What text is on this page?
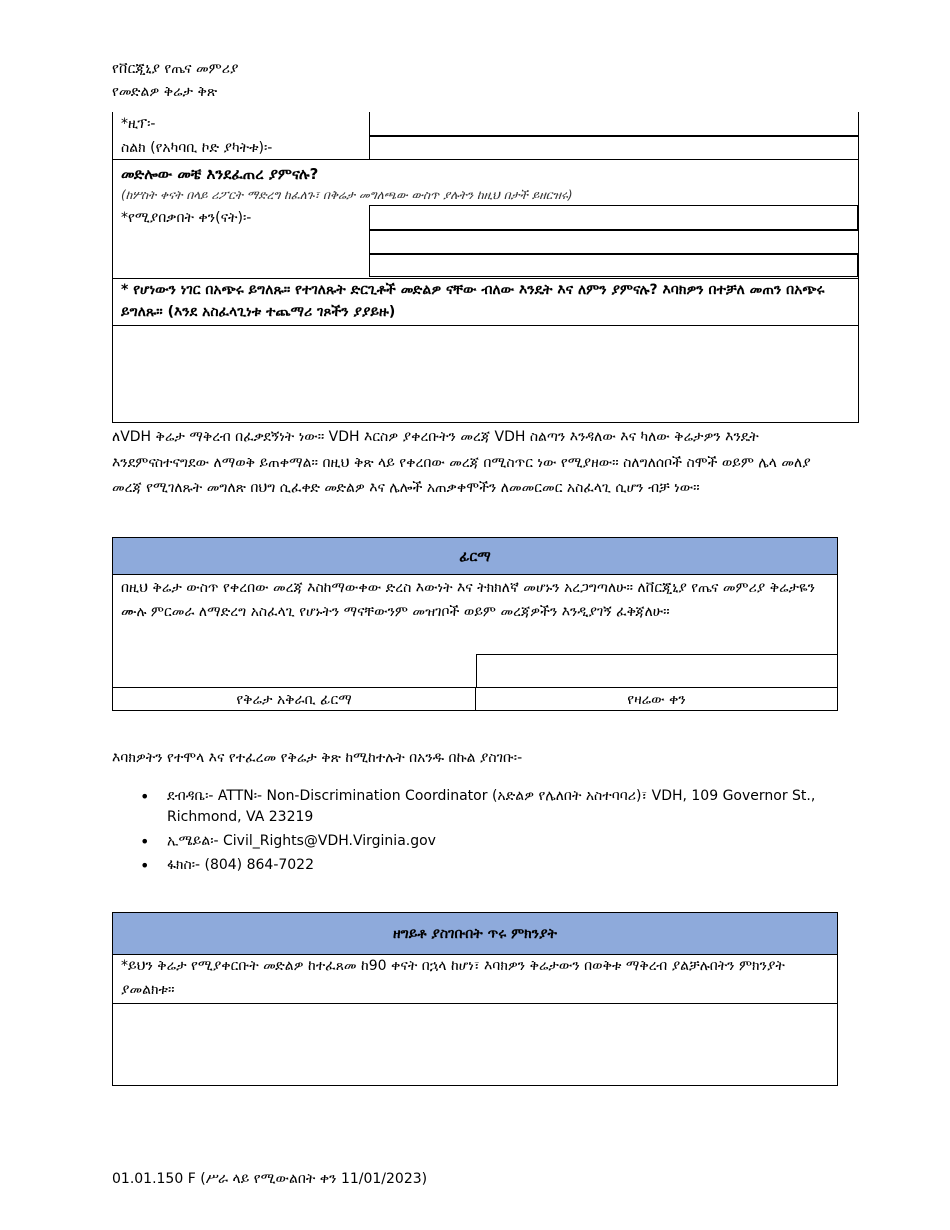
የቨርጂኒያ የጤና መምሪያ
የመድልዎ ቅሬታ ቅጽ
*ዚፕ፡-
ስልክ (የአካባቢ ኮድ ያካትቱ)፡-
መድሎው መቼ እንደፈጠረ ያምናሉ?
(ከሦስት ቀናት በላይ ሪፖርት ማድረግ ከፈለጉ፣ በቅሬታ መግለጫው ውስጥ ያሉትን ከዚህ በታች ይዘርዝሩ)
*የሚያበቃበት ቀን(ናት)፡-
* የሆነውን ነገር በአጭሩ ይግለጹ። የተገለጹት ድርጊቶች መድልዎ ናቸው ብለው እንዴት እና ለምን ያምናሉ? እባክዎን በተቻለ መጠን በአጭሩ ይግለጹ። (እንደ አስፈላጊነቱ ተጨማሪ ገጾችን ያያይዙ)
ለVDH ቅሬታ ማቅረብ በፈቃደኝነት ነው። VDH እርስዎ ያቀረቡትን መረጃ VDH ስልጣን እንዳለው እና ካለው ቅሬታዎን እንዴት እንደምናስተናግደው ለማወቅ ይጠቀማል። በዚህ ቅጽ ላይ የቀረበው መረጃ በሚስጥር ነው የሚያዘው። ስለግለሰቦች ስሞች ወይም ሌላ መለያ መረጃ የሚገለጹት መግለጽ በህግ ሲፈቀድ መድልዎ እና ሌሎች አጠቃቀሞችን ለመመርመር አስፈላጊ ሲሆን ብቻ ነው።
ፊርማ
በዚህ ቅሬታ ውስጥ የቀረበው መረጃ እስከማውቀው ድረስ እውነት እና ትክክለኛ መሆኑን አረጋግጣለሁ። ለቨርጂኒያ የጤና መምሪያ ቅሬታዬን ሙሉ ምርመራ ለማድረግ አስፈላጊ የሆኑትን ማናቸውንም መዝገቦች ወይም መረጃዎችን እንዲያገኝ ፈቅጃለሁ።
የቅሬታ አቅራቢ ፊርማ	የዛሬው ቀን
እባክዎትን የተሞላ እና የተፈረመ የቅሬታ ቅጽ ከሚከተሉት በአንዱ በኩል ያስገቡ፡-
• ደብዳቤ፡- ATTN፡- Non-Discrimination Coordinator (አድልዎ የሌለበት አስተባባሪ)፣ VDH, 109 Governor St., Richmond, VA 23219
• ኢሜይል፡- Civil_Rights@VDH.Virginia.gov
• ፋክስ፡- (804) 864-7022
ዘግይቶ ያስገቡበት ጥሩ ምክንያት
*ይህን ቅሬታ የሚያቀርቡት መድልዎ ከተፈጸመ ከ90 ቀናት በኋላ ከሆነ፣ እባክዎን ቅሬታውን በወቅቱ ማቅረብ ያልቻሉበትን ምክንያት ያመልክቱ።
01.01.150 F (ሥራ ላይ የሚውልበት ቀን 11/01/2023)
